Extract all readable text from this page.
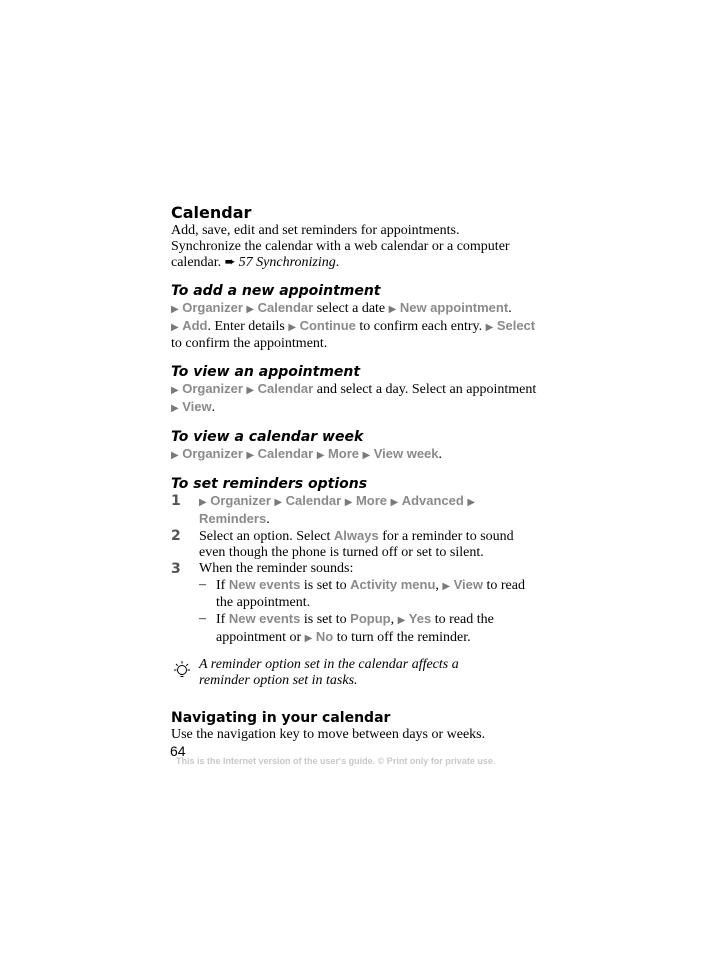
Calendar

Add, save, edit and set reminders for appointments.
Synchronize the calendar with a web calendar or a computer
calendar. ➨ 57 Synchronizing.

To add a new appointment

▶ Organizer ▶ Calendar select a date ▶ New appointment.
▶ Add. Enter details ▶ Continue to confirm each entry. ▶ Select
to confirm the appointment.

To view an appointment

▶ Organizer ▶ Calendar and select a day. Select an appointment
▶ View.

To view a calendar week

▶ Organizer ▶ Calendar ▶ More ▶ View week.

To set reminders options
1 ▶ Organizer ▶ Calendar ▶ More ▶ Advanced ▶ Reminders.
2 Select an option. Select Always for a reminder to sound even though the phone is turned off or set to silent.
3 When the reminder sounds:
– If New events is set to Activity menu, ▶ View to read the appointment.
– If New events is set to Popup, ▶ Yes to read the appointment or ▶ No to turn off the reminder.

A reminder option set in the calendar affects a
reminder option set in tasks.

Navigating in your calendar

Use the navigation key to move between days or weeks.

64
This is the Internet version of the user's guide. © Print only for private use.
